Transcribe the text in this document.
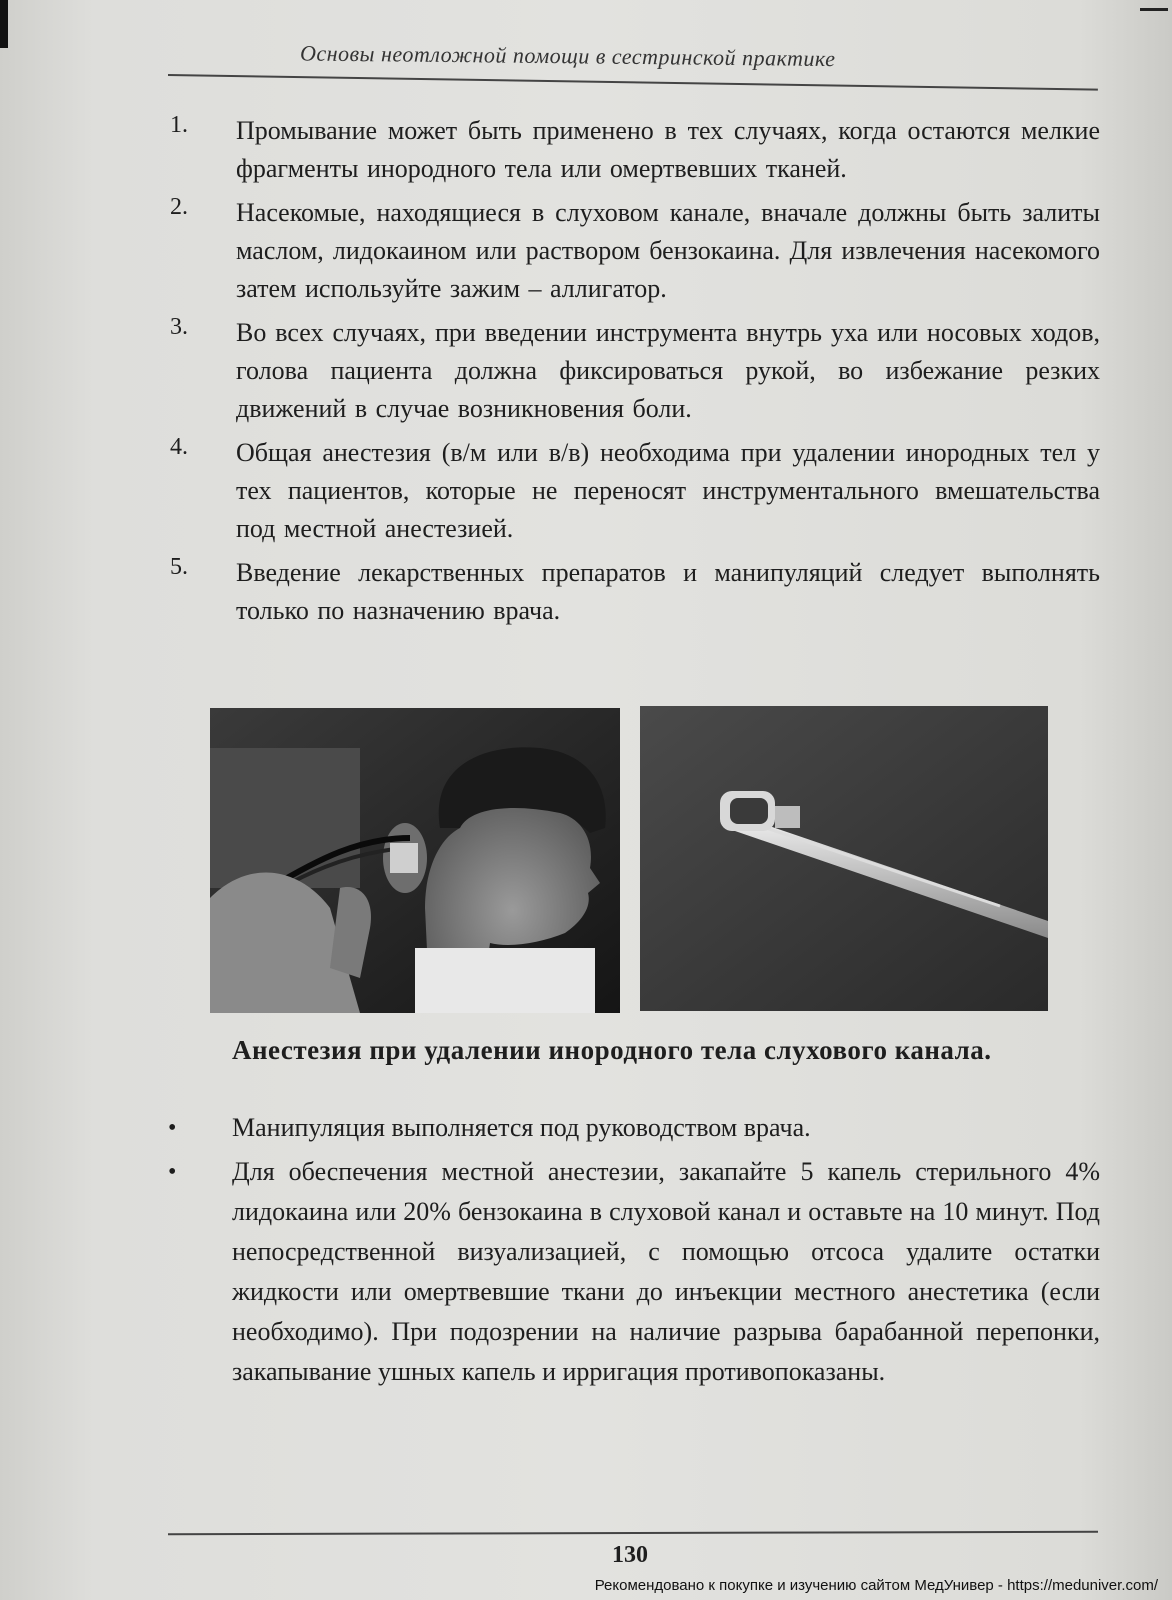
Основы неотложной помощи в сестринской практике
1. Промывание может быть применено в тех случаях, когда остаются мелкие фрагменты инородного тела или омертвевших тканей.
2. Насекомые, находящиеся в слуховом канале, вначале должны быть залиты маслом, лидокаином или раствором бензокаина. Для извлечения насекомого затем используйте зажим – аллигатор.
3. Во всех случаях, при введении инструмента внутрь уха или носовых ходов, голова пациента должна фиксироваться рукой, во избежание резких движений в случае возникновения боли.
4. Общая анестезия (в/м или в/в) необходима при удалении инородных тел у тех пациентов, которые не переносят инструментального вмешательства под местной анестезией.
5. Введение лекарственных препаратов и манипуляций следует выполнять только по назначению врача.
Анестезия при удалении инородного тела слухового канала.
• Манипуляция выполняется под руководством врача.
• Для обеспечения местной анестезии, закапайте 5 капель стерильного 4% лидокаина или 20% бензокаина в слуховой канал и оставьте на 10 минут. Под непосредственной визуализацией, с помощью отсоса удалите остатки жидкости или омертвевшие ткани до инъекции местного анестетика (если необходимо). При подозрении на наличие разрыва барабанной перепонки, закапывание ушных капель и ирригация противопоказаны.
130
Рекомендовано к покупке и изучению сайтом МедУнивер - https://meduniver.com/
